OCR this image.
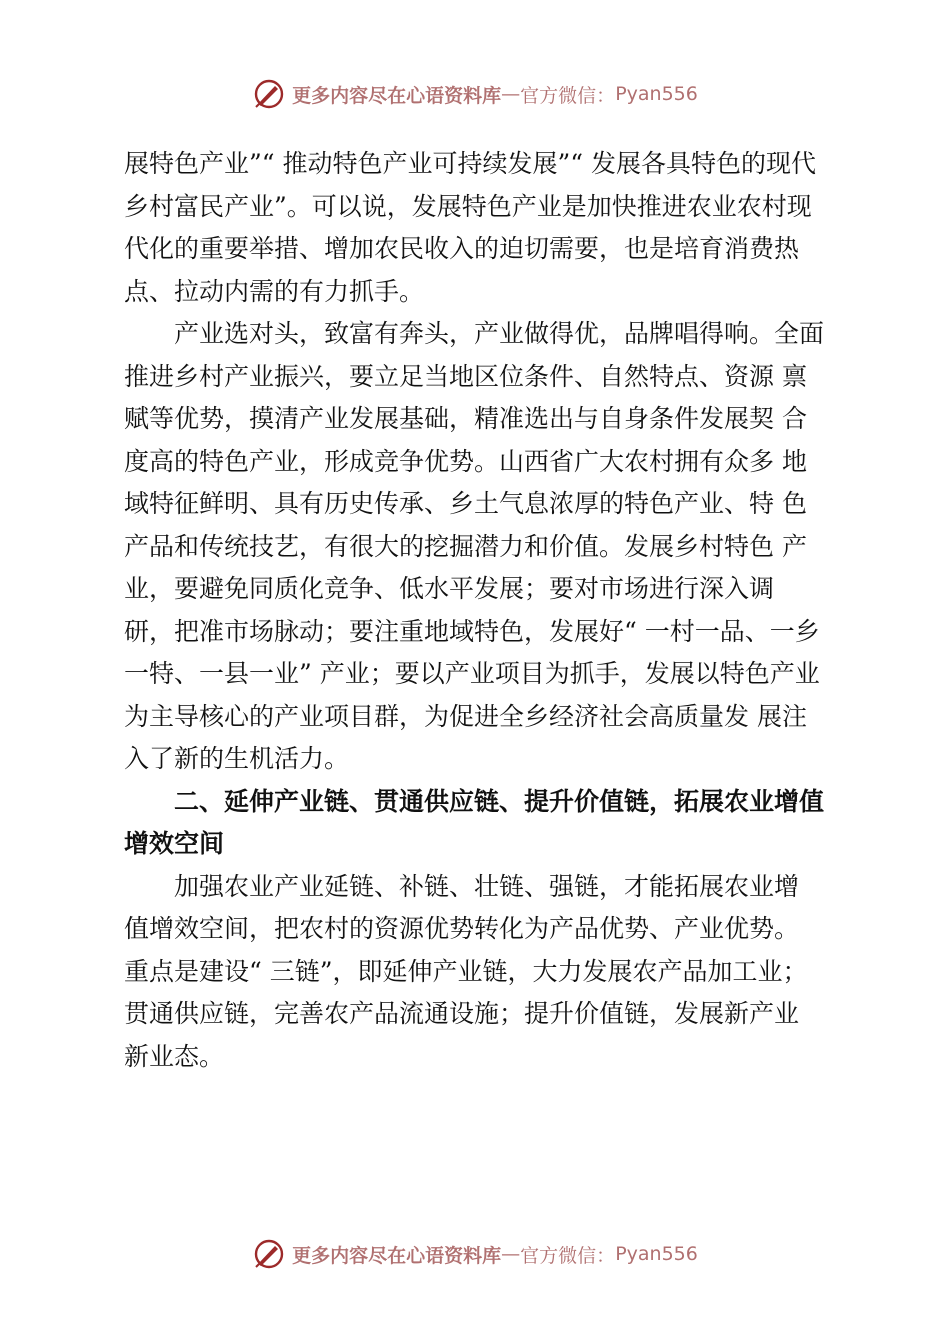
更多内容尽在心语资料库 — 官方微信： Pyan556

展特色产业”“ 推动特色产业可持续发展”“ 发展各具特色的现代乡村富民产业”。可以说，发展特色产业是加快推进农业农村现代化的重要举措、增加农民收入的迫切需要，也是培育消费热点、拉动内需的有力抓手。

产业选对头，致富有奔头，产业做得优，品牌唱得响。全面推进乡村产业振兴，要立足当地区位条件、自然特点、资源 禀赋等优势，摸清产业发展基础，精准选出与自身条件发展契 合度高的特色产业，形成竞争优势。山西省广大农村拥有众多 地域特征鲜明、具有历史传承、乡土气息浓厚的特色产业、特 色产品和传统技艺，有很大的挖掘潜力和价值。发展乡村特色 产业，要避免同质化竞争、低水平发展；要对市场进行深入调 研，把准市场脉动；要注重地域特色，发展好“ 一村一品、一乡一特、一县一业” 产业；要以产业项目为抓手，发展以特色产业为主导核心的产业项目群，为促进全乡经济社会高质量发 展注入了新的生机活力。

二、延伸产业链、贯通供应链、提升价值链，拓展农业增值增效空间

加强农业产业延链、补链、壮链、强链，才能拓展农业增 值增效空间，把农村的资源优势转化为产品优势、产业优势。 重点是建设“ 三链”，即延伸产业链，大力发展农产品加工业；贯通供应链，完善农产品流通设施；提升价值链，发展新产业 新业态。

更多内容尽在心语资料库 — 官方微信： Pyan556
